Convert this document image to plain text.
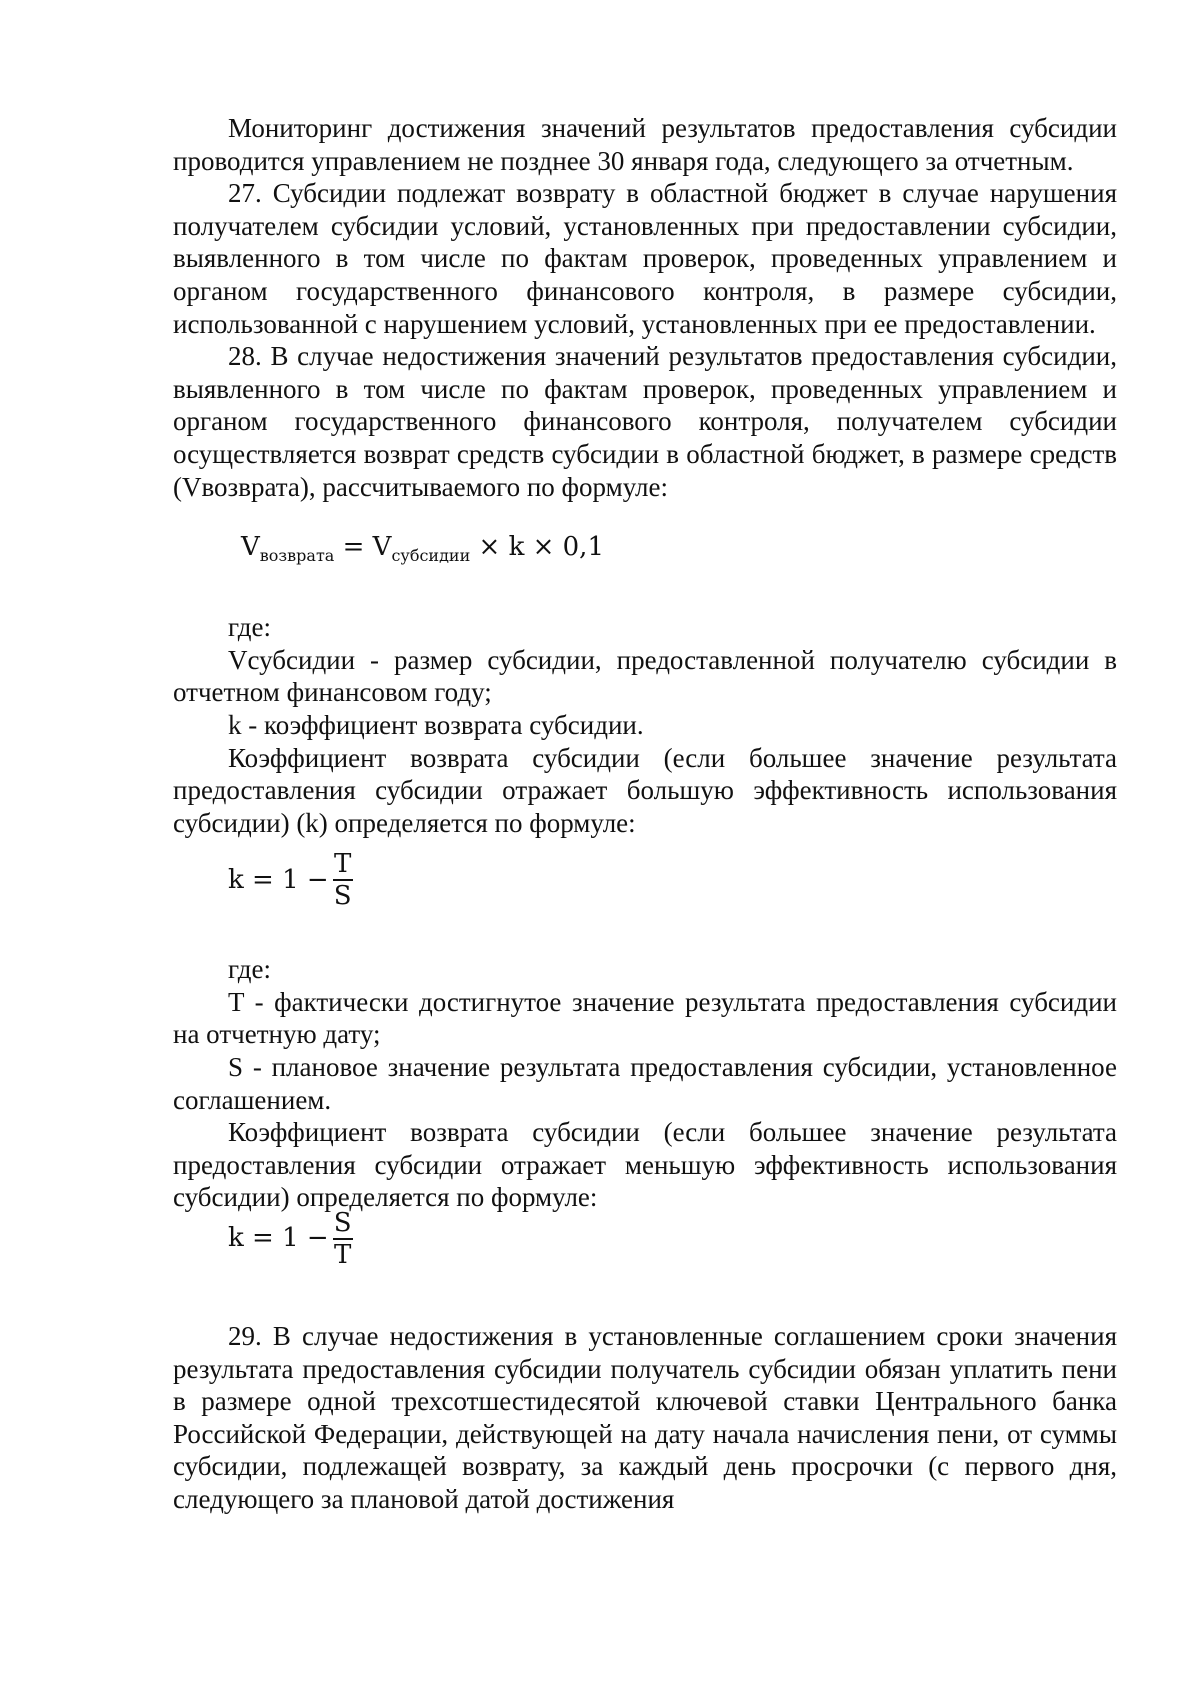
Мониторинг достижения значений результатов предоставления субсидии проводится управлением не позднее 30 января года, следующего за отчетным.

27. Субсидии подлежат возврату в областной бюджет в случае нарушения получателем субсидии условий, установленных при предоставлении субсидии, выявленного в том числе по фактам проверок, проведенных управлением и органом государственного финансового контроля, в размере субсидии, использованной с нарушением условий, установленных при ее предоставлении.

28. В случае недостижения значений результатов предоставления субсидии, выявленного в том числе по фактам проверок, проведенных управлением и органом государственного финансового контроля, получателем субсидии осуществляется возврат средств субсидии в областной бюджет, в размере средств (Vвозврата), рассчитываемого по формуле:

$V_{возврата} = V_{субсидии} \times k \times 0,1$

где:

Vсубсидии - размер субсидии, предоставленной получателю субсидии в отчетном финансовом году;

k - коэффициент возврата субсидии.

Коэффициент возврата субсидии (если большее значение результата предоставления субсидии отражает большую эффективность использования субсидии) (k) определяется по формуле:

$k = 1 - \frac{T}{S}$

где:

T - фактически достигнутое значение результата предоставления субсидии на отчетную дату;

S - плановое значение результата предоставления субсидии, установленное соглашением.

Коэффициент возврата субсидии (если большее значение результата предоставления субсидии отражает меньшую эффективность использования субсидии) определяется по формуле:

$k = 1 - \frac{S}{T}$

29. В случае недостижения в установленные соглашением сроки значения результата предоставления субсидии получатель субсидии обязан уплатить пени в размере одной трехсотшестидесятой ключевой ставки Центрального банка Российской Федерации, действующей на дату начала начисления пени, от суммы субсидии, подлежащей возврату, за каждый день просрочки (с первого дня, следующего за плановой датой достижения
